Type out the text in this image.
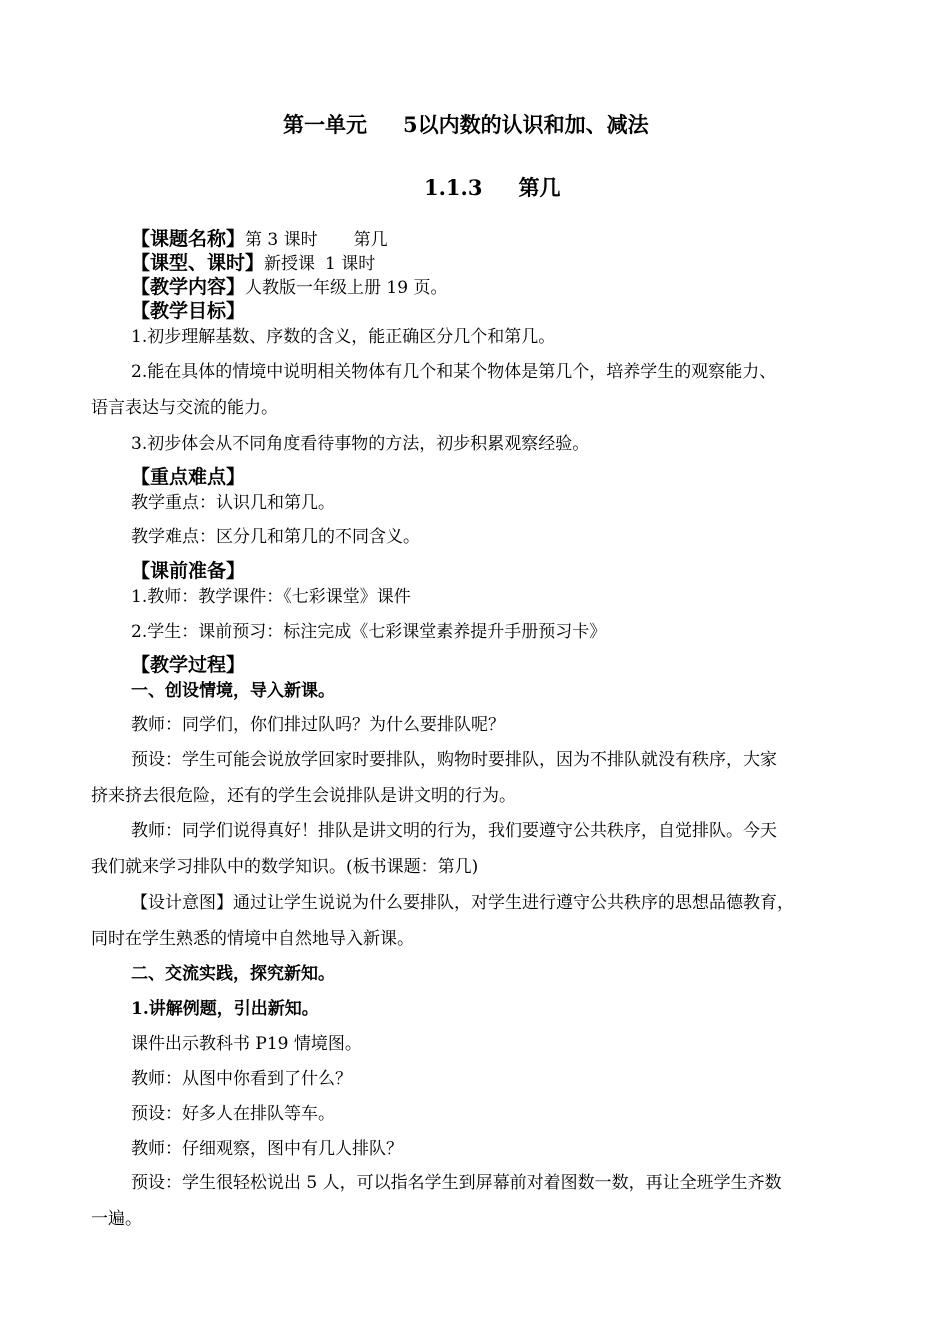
第一单元 5以内数的认识和加、减法
1.1.3 第几
【课题名称】第 3 课时 第几
【课型、课时】新授课 1 课时
【教学内容】人教版一年级上册 19 页。
【教学目标】
1.初步理解基数、序数的含义，能正确区分几个和第几。
2.能在具体的情境中说明相关物体有几个和某个物体是第几个，培养学生的观察能力、
语言表达与交流的能力。
3.初步体会从不同角度看待事物的方法，初步积累观察经验。
【重点难点】
教学重点：认识几和第几。
教学难点：区分几和第几的不同含义。
【课前准备】
1.教师：教学课件：《七彩课堂》课件
2.学生：课前预习：标注完成《七彩课堂素养提升手册预习卡》
【教学过程】
一、创设情境，导入新课。
教师：同学们，你们排过队吗？为什么要排队呢？
预设：学生可能会说放学回家时要排队，购物时要排队，因为不排队就没有秩序，大家
挤来挤去很危险，还有的学生会说排队是讲文明的行为。
教师：同学们说得真好！排队是讲文明的行为，我们要遵守公共秩序，自觉排队。今天
我们就来学习排队中的数学知识。(板书课题：第几)
【设计意图】通过让学生说说为什么要排队，对学生进行遵守公共秩序的思想品德教育，
同时在学生熟悉的情境中自然地导入新课。
二、交流实践，探究新知。
1.讲解例题，引出新知。
课件出示教科书 P19 情境图。
教师：从图中你看到了什么？
预设：好多人在排队等车。
教师：仔细观察，图中有几人排队？
预设：学生很轻松说出 5 人，可以指名学生到屏幕前对着图数一数，再让全班学生齐数
一遍。
